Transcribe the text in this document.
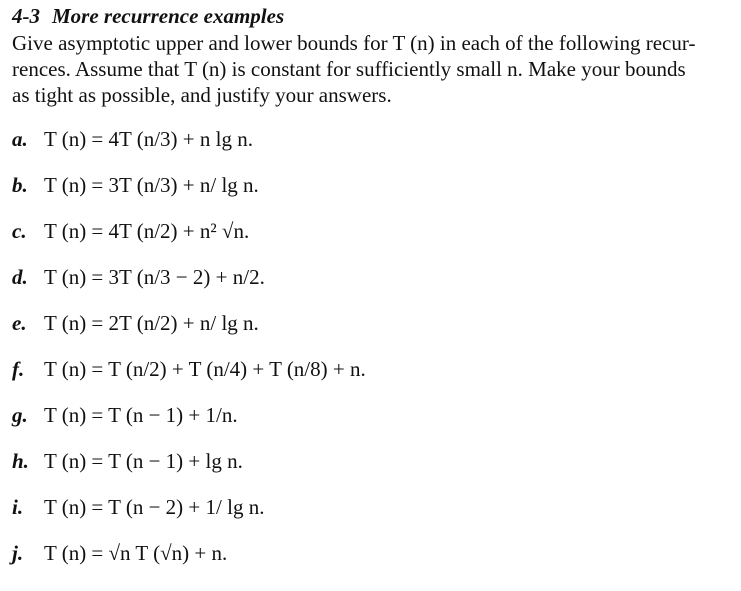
4-3 More recurrence examples

Give asymptotic upper and lower bounds for T (n) in each of the following recur-

rences. Assume that T (n) is constant for sufficiently small n. Make your bounds

as tight as possible, and justify your answers.

a. T (n) = 4T (n/3) + n lg n.
b. T (n) = 3T (n/3) + n/ lg n.
c. T (n) = 4T (n/2) + n² √n.
d. T (n) = 3T (n/3 − 2) + n/2.
e. T (n) = 2T (n/2) + n/ lg n.
f. T (n) = T (n/2) + T (n/4) + T (n/8) + n.
g. T (n) = T (n − 1) + 1/n.
h. T (n) = T (n − 1) + lg n.
i. T (n) = T (n − 2) + 1/ lg n.
j. T (n) = √n T (√n) + n.
